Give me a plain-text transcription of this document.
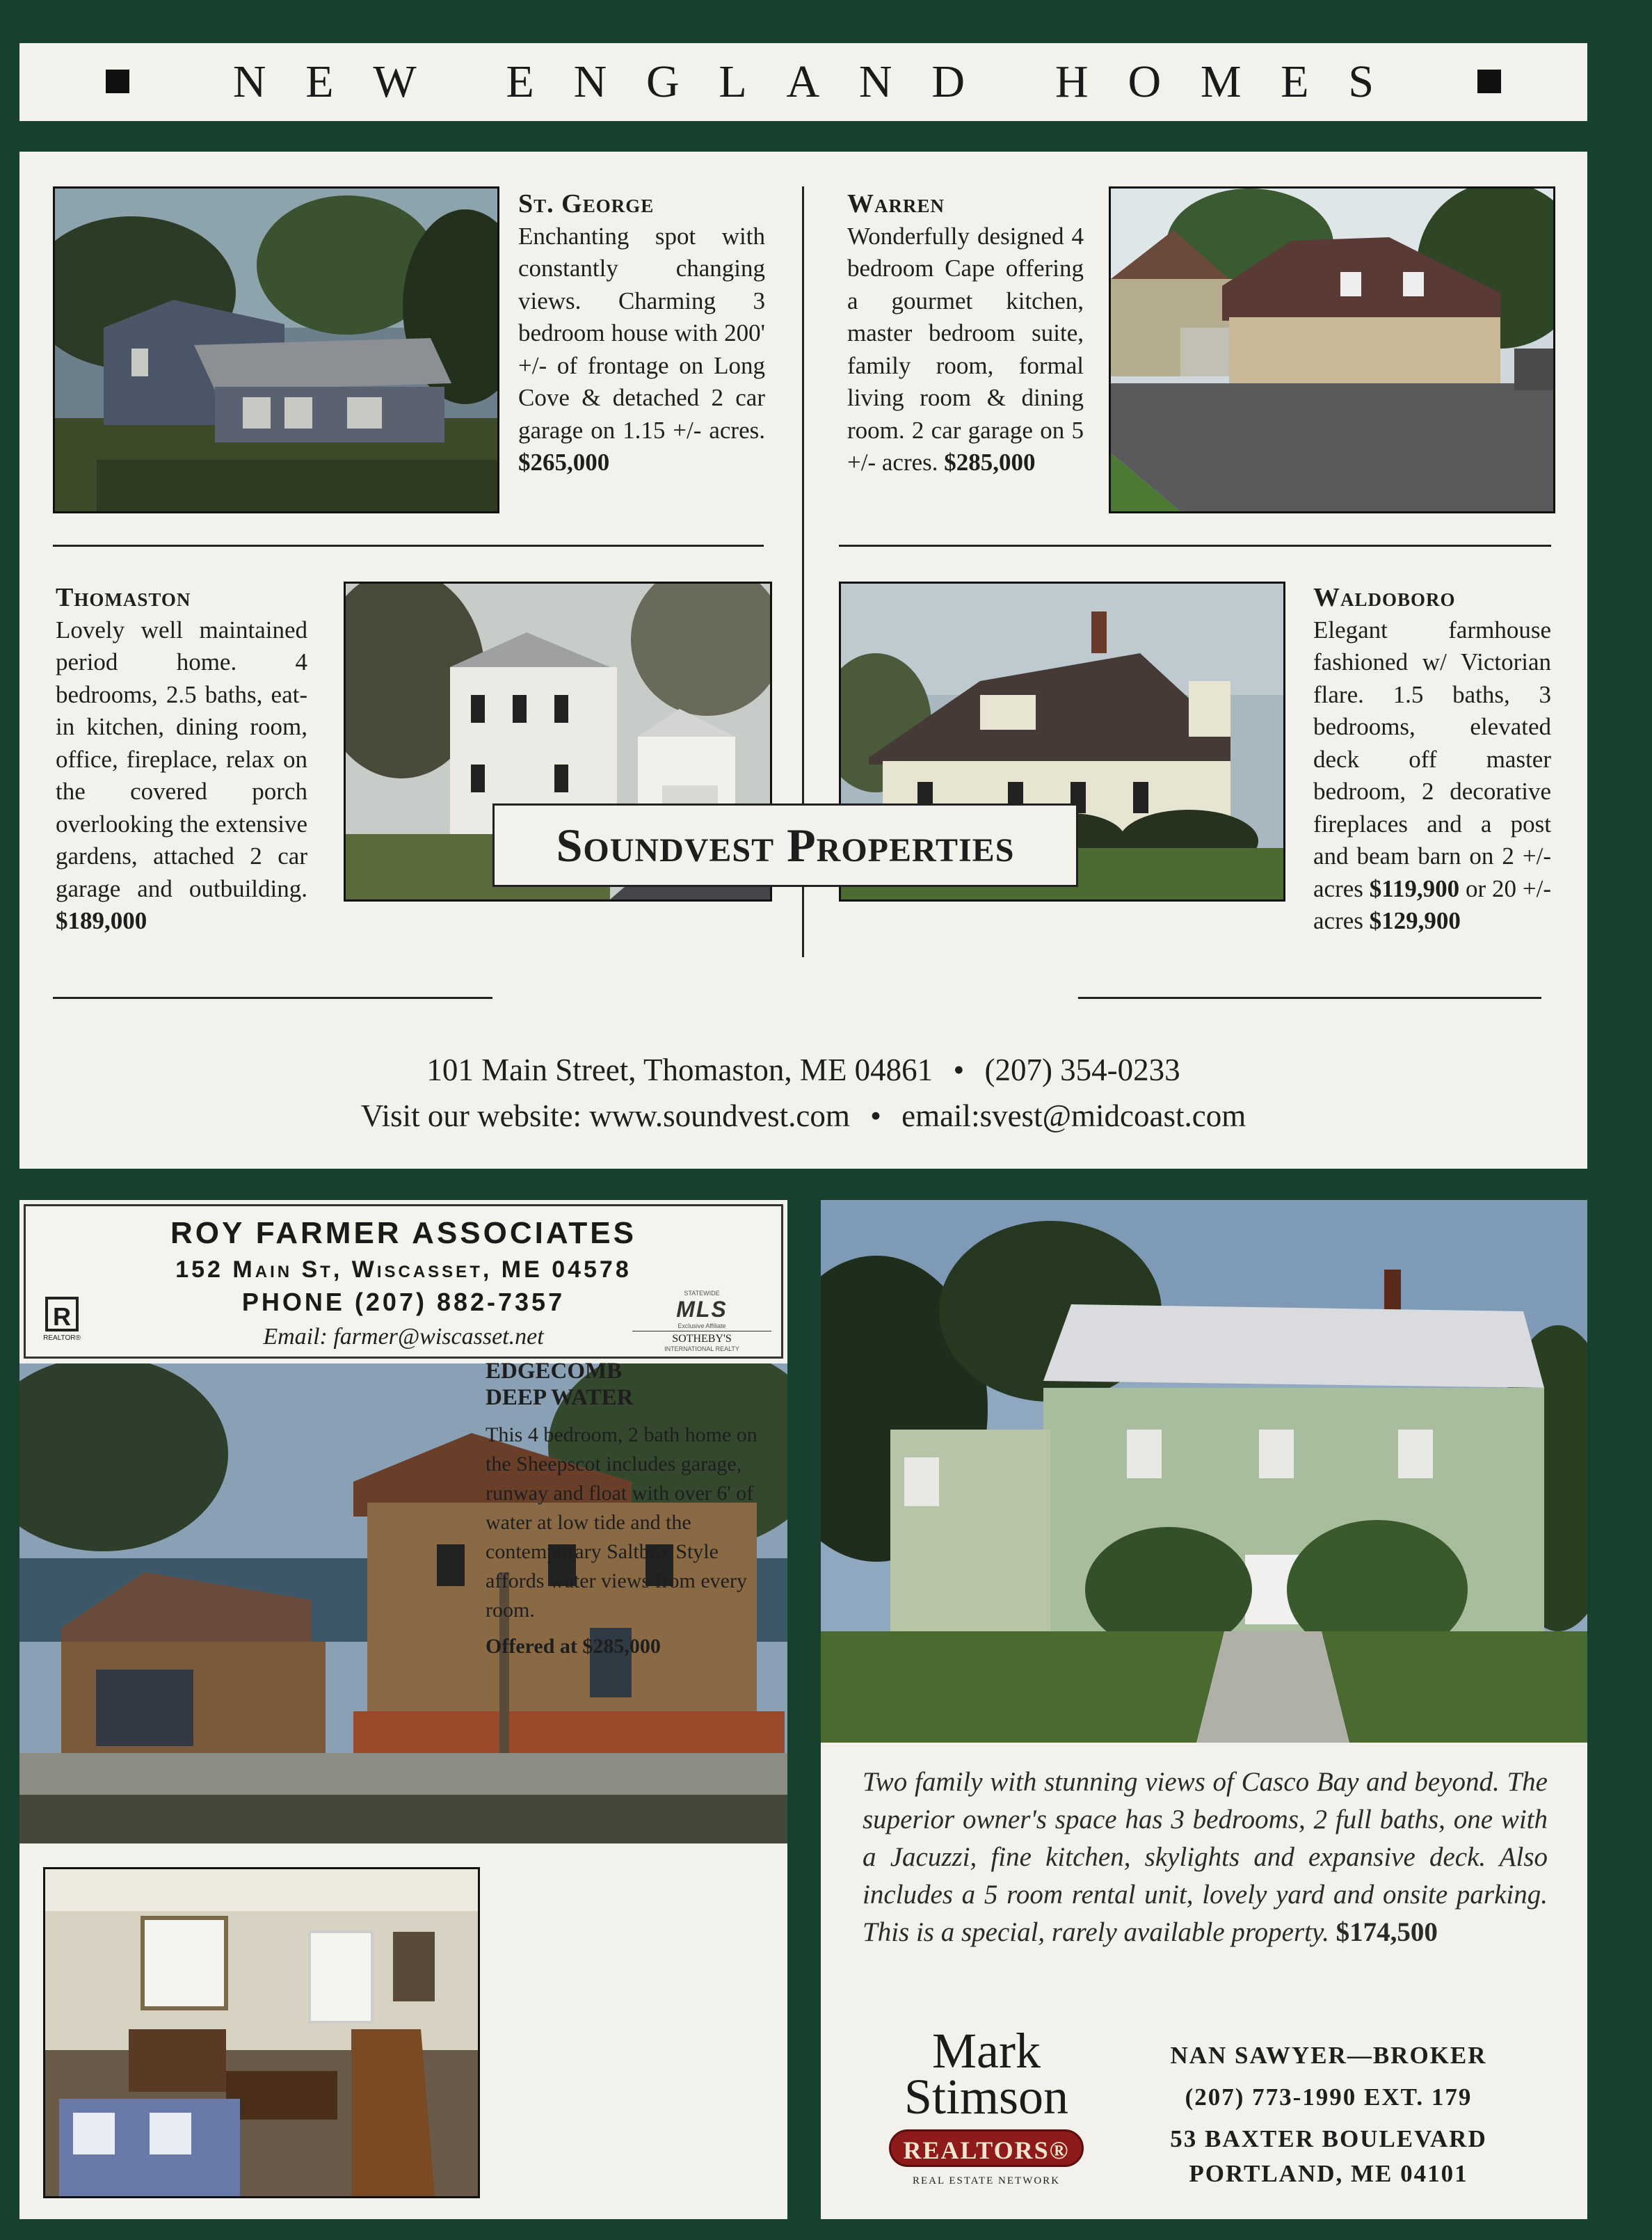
NEW ENGLAND HOMES
St. George
Enchanting spot with constantly changing views. Charming 3 bedroom house with 200' +/- of frontage on Long Cove & detached 2 car garage on 1.15 +/- acres. $265,000
Warren
Wonderfully designed 4 bedroom Cape offering a gourmet kitchen, master bedroom suite, family room, formal living room & dining room. 2 car garage on 5 +/- acres. $285,000
Thomaston
Lovely well maintained period home. 4 bedrooms, 2.5 baths, eat-in kitchen, dining room, office, fireplace, relax on the covered porch overlooking the extensive gardens, attached 2 car garage and outbuilding. $189,000
Waldoboro
Elegant farmhouse fashioned w/ Victorian flare. 1.5 baths, 3 bedrooms, elevated deck off master bedroom, 2 decorative fireplaces and a post and beam barn on 2 +/- acres $119,900 or 20 +/- acres $129,900
Soundvest Properties
101 Main Street, Thomaston, ME 04861 • (207) 354-0233
Visit our website: www.soundvest.com • email:svest@midcoast.com
ROY FARMER ASSOCIATES
152 Main St, Wiscasset, ME 04578
PHONE (207) 882-7357
Email: farmer@wiscasset.net
R
REALTOR®
STATEWIDE
MLS
Exclusive Affiliate
SOTHEBY'S
INTERNATIONAL REALTY
EDGECOMB
DEEP WATER
This 4 bedroom, 2 bath home on the Sheepscot includes garage, runway and float with over 6' of water at low tide and the contemporary Saltbox Style affords water views from every room.
Offered at $285,000
Two family with stunning views of Casco Bay and beyond. The superior owner's space has 3 bedrooms, 2 full baths, one with a Jacuzzi, fine kitchen, skylights and expansive deck. Also includes a 5 room rental unit, lovely yard and onsite parking. This is a special, rarely available property. $174,500
Mark
Stimson
REALTORS®
REAL ESTATE NETWORK
NAN SAWYER—BROKER
(207) 773-1990 EXT. 179
53 BAXTER BOULEVARD
PORTLAND, ME 04101
